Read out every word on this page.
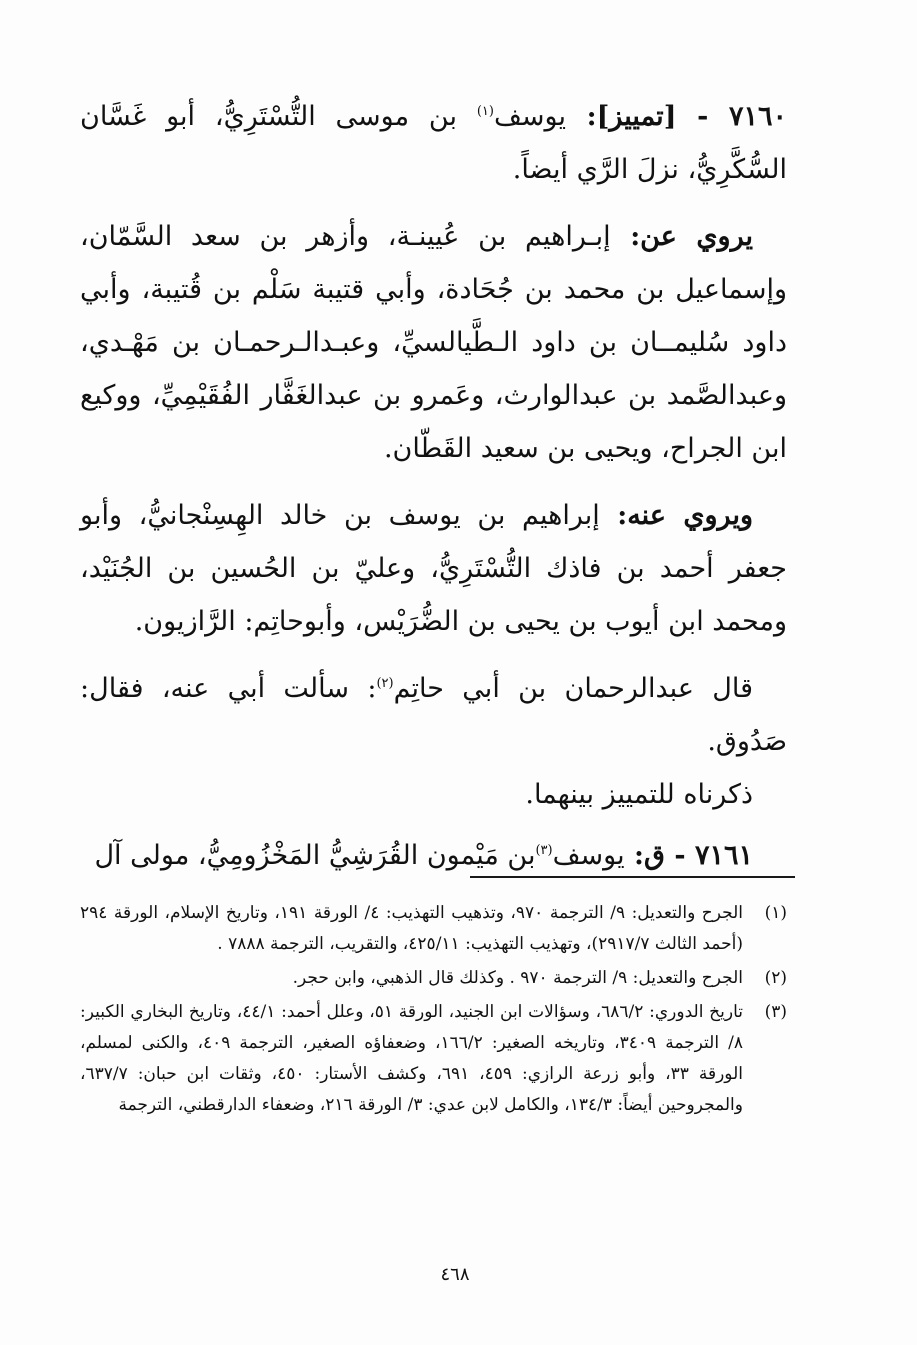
٧١٦٠ - [تمييز]: يوسف$^{(١)}$ بن موسى التُّسْتَرِيُّ، أبو غَسَّان السُّكَّرِيُّ، نزلَ الرَّي أيضاً.

يروي عن: إبـراهيم بن عُيينـة، وأزهر بن سعد السَّمّان، وإسماعيل بن محمد بن جُحَادة، وأبي قتيبة سَلْم بن قُتيبة، وأبي داود سُليمــان بن داود الـطَّيالسيِّ، وعبـدالـرحمـان بن مَهْـدي، وعبدالصَّمد بن عبدالوارث، وعَمرو بن عبدالغَفَّار الفُقَيْمِيِّ، ووكيع ابن الجراح، ويحيى بن سعيد القَطّان.

ويروي عنه: إبراهيم بن يوسف بن خالد الهِسِنْجانيُّ، وأبو جعفر أحمد بن فاذك التُّسْتَرِيُّ، وعليّ بن الحُسين بن الجُنَيْد، ومحمد ابن أيوب بن يحيى بن الضُّرَيْس، وأبوحاتِم: الرَّازيون.

قال عبدالرحمان بن أبي حاتِم$^{(٢)}$: سألت أبي عنه، فقال: صَدُوق.

ذكرناه للتمييز بينهما.

٧١٦١ - ق: يوسف$^{(٣)}$بن مَيْمون القُرَشِيُّ المَخْزُومِيُّ، مولى آل

(١)
الجرح والتعديل: ٩/ الترجمة ٩٧٠، وتذهيب التهذيب: ٤/ الورقة ١٩١، وتاريخ الإسلام، الورقة ٢٩٤ (أحمد الثالث ٢٩١٧/٧)، وتهذيب التهذيب: ٤٢٥/١١، والتقريب، الترجمة ٧٨٨٨ .
(٢)
الجرح والتعديل: ٩/ الترجمة ٩٧٠ . وكذلك قال الذهبي، وابن حجر.
(٣)
تاريخ الدوري: ٦٨٦/٢، وسؤالات ابن الجنيد، الورقة ٥١، وعلل أحمد: ٤٤/١، وتاريخ البخاري الكبير: ٨/ الترجمة ٣٤٠٩، وتاريخه الصغير: ١٦٦/٢، وضعفاؤه الصغير، الترجمة ٤٠٩، والكنى لمسلم، الورقة ٣٣، وأبو زرعة الرازي: ٤٥٩، ٦٩١، وكشف الأستار: ٤٥٠، وثقات ابن حبان: ٦٣٧/٧، والمجروحين أيضاً: ١٣٤/٣، والكامل لابن عدي: ٣/ الورقة ٢١٦، وضعفاء الدارقطني، الترجمة
٤٦٨
